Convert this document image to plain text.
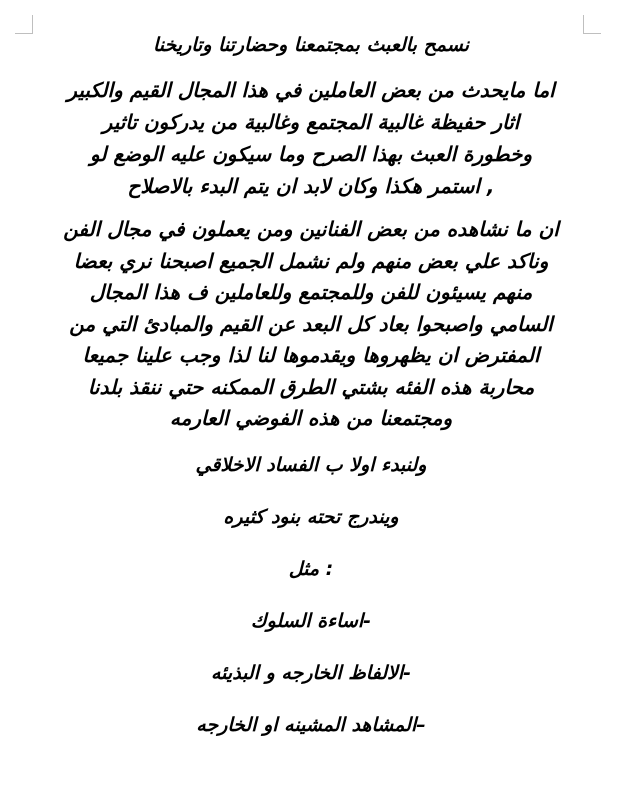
نسمح بالعبث بمجتمعنا وحضارتنا وتاريخنا

اما مايحدث من بعض العاملين في هذا المجال القيم والكبير
اثار حفيظة غالبية المجتمع وغالبية من يدركون تاثير
وخطورة العبث بهذا الصرح وما سيكون عليه الوضع لو
, استمر هكذا وكان لابد ان يتم البدء بالاصلاح

ان ما نشاهده من بعض الفنانين ومن يعملون في مجال الفن
وناكد علي بعض منهم ولم نشمل الجميع اصبحنا نري بعضا
منهم يسيئون للفن وللمجتمع وللعاملين ف هذا المجال
السامي واصبحوا بعاد كل البعد عن القيم والمبادئ التي من
المفترض ان يظهروها ويقدموها لنا لذا وجب علينا جميعا
محاربة هذه الفئه بشتي الطرق الممكنه حتي ننقذ بلدنا
ومجتمعنا من هذه الفوضي العارمه

ولنبدء اولا ب الفساد الاخلاقي

ويندرج تحته بنود كثيره

: مثل

-اساءة السلوك

-الالفاظ الخارجه و البذيئه

–المشاهد المشينه او الخارجه
